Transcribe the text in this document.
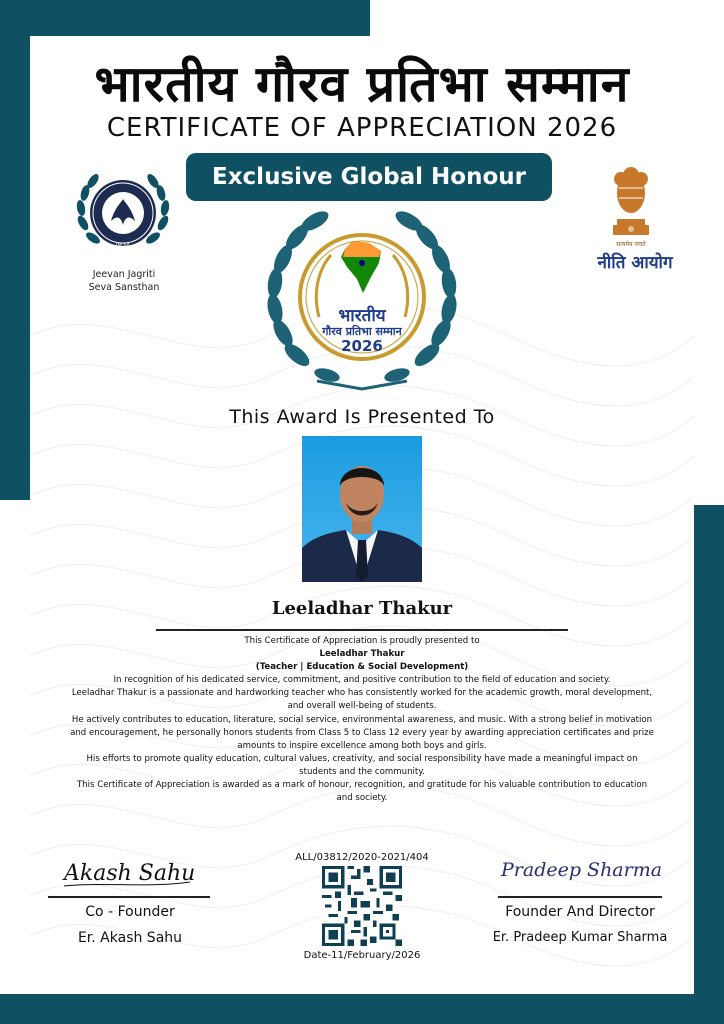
भारतीय गौरव प्रतिभा सम्मान
CERTIFICATE OF APPRECIATION 2026
Exclusive Global Honour
INDIA
Jeevan Jagriti
Seva Sansthan
सत्यमेव जयते
नीति आयोग
भारतीय
गौरव प्रतिभा सम्मान
2026
This Award Is Presented To
Leeladhar Thakur

This Certificate of Appreciation is proudly presented to

Leeladhar Thakur

(Teacher | Education & Social Development)

In recognition of his dedicated service, commitment, and positive contribution to the field of education and society.

Leeladhar Thakur is a passionate and hardworking teacher who has consistently worked for the academic growth, moral development, and overall well-being of students.

He actively contributes to education, literature, social service, environmental awareness, and music. With a strong belief in motivation and encouragement, he personally honors students from Class 5 to Class 12 every year by awarding appreciation certificates and prize amounts to inspire excellence among both boys and girls.

His efforts to promote quality education, cultural values, creativity, and social responsibility have made a meaningful impact on students and the community.

This Certificate of Appreciation is awarded as a mark of honour, recognition, and gratitude for his valuable contribution to education and society.

Akash Sahu
Co - Founder
Er. Akash Sahu
ALL/03812/2020-2021/404
Date-11/February/2026
Pradeep Sharma
Founder And Director
Er. Pradeep Kumar Sharma
